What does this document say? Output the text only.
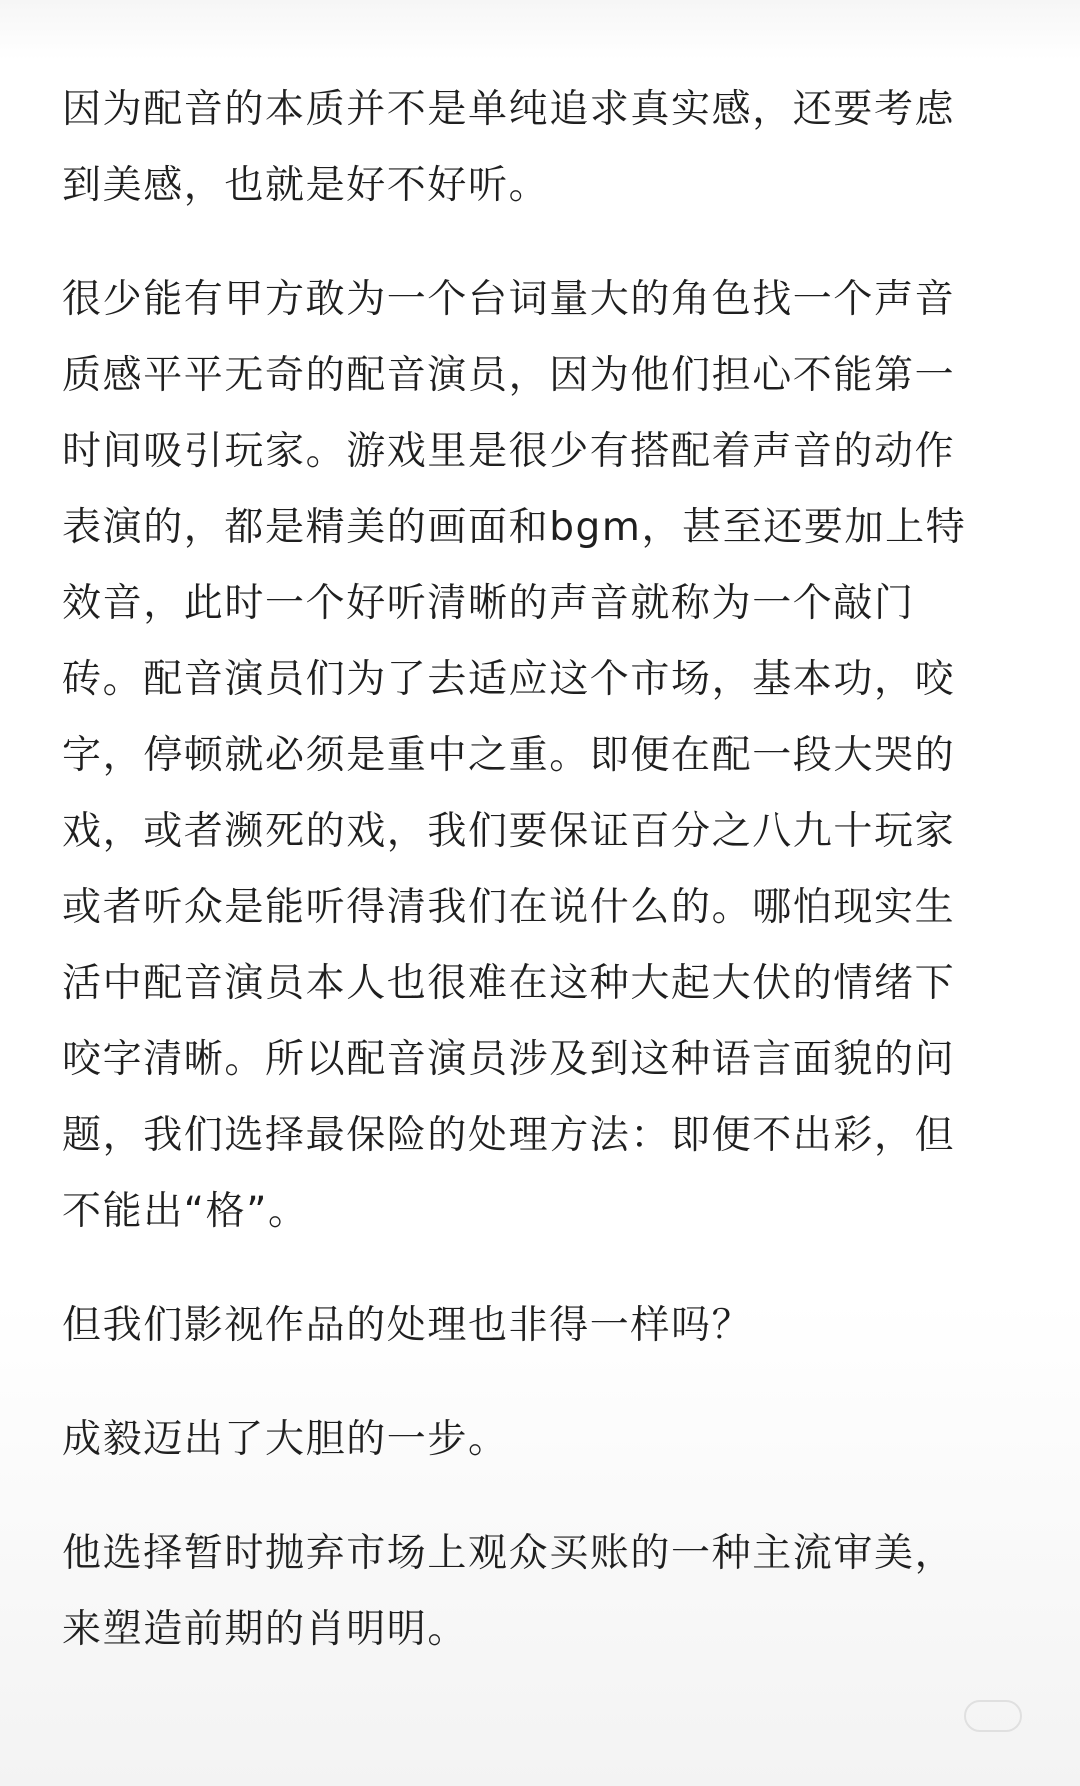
因为配音的本质并不是单纯追求真实感，还要考虑
到美感，也就是好不好听。

很少能有甲方敢为一个台词量大的角色找一个声音
质感平平无奇的配音演员，因为他们担心不能第一
时间吸引玩家。游戏里是很少有搭配着声音的动作
表演的，都是精美的画面和bgm，甚至还要加上特
效音，此时一个好听清晰的声音就称为一个敲门
砖。配音演员们为了去适应这个市场，基本功，咬
字，停顿就必须是重中之重。即便在配一段大哭的
戏，或者濒死的戏，我们要保证百分之八九十玩家
或者听众是能听得清我们在说什么的。哪怕现实生
活中配音演员本人也很难在这种大起大伏的情绪下
咬字清晰。所以配音演员涉及到这种语言面貌的问
题，我们选择最保险的处理方法：即便不出彩，但
不能出“格”。

但我们影视作品的处理也非得一样吗？

成毅迈出了大胆的一步。

他选择暂时抛弃市场上观众买账的一种主流审美，
来塑造前期的肖明明。
